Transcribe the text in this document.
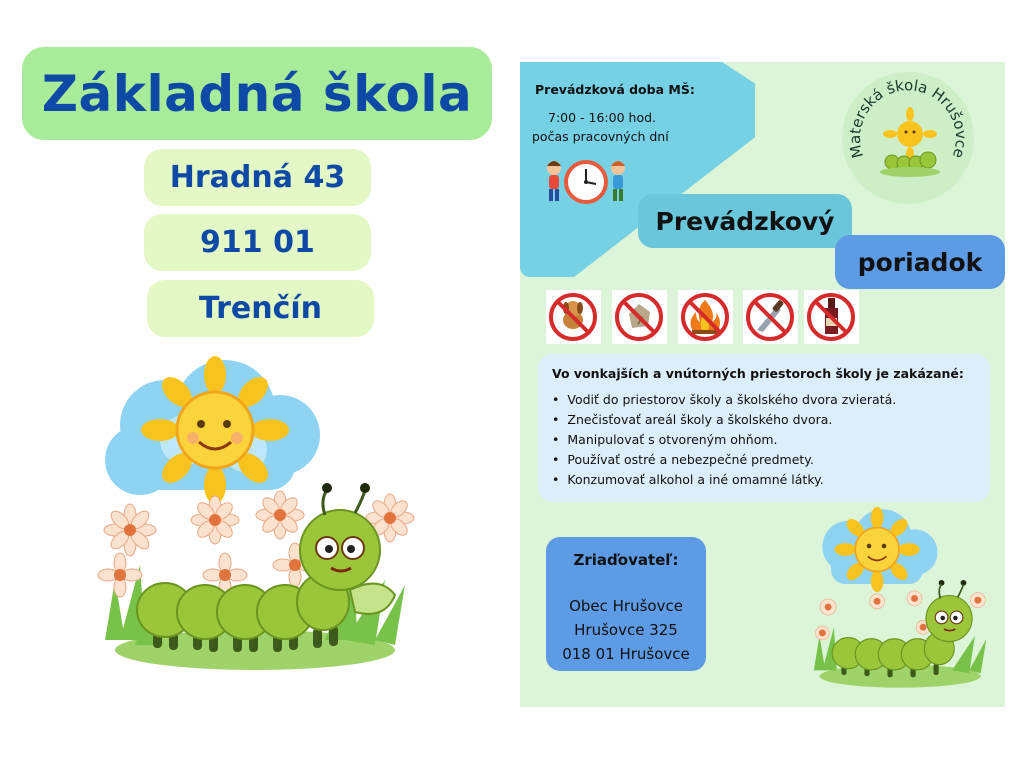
Základná škola
Hradná 43
911 01
Trenčín
Prevádzková doba MŠ:
7:00 - 16:00 hod.
počas pracovných dní
Materská škola Hrušovce
Prevádzkový
poriadok
Vo vonkajších a vnútorných priestoroch školy je zakázané:
• Vodiť do priestorov školy a školského dvora zvieratá.
• Znečisťovať areál školy a školského dvora.
• Manipulovať s otvoreným ohňom.
• Používať ostré a nebezpečné predmety.
• Konzumovať alkohol a iné omamné látky.
Zriaďovateľ:
Obec Hrušovce
Hrušovce 325
018 01 Hrušovce
